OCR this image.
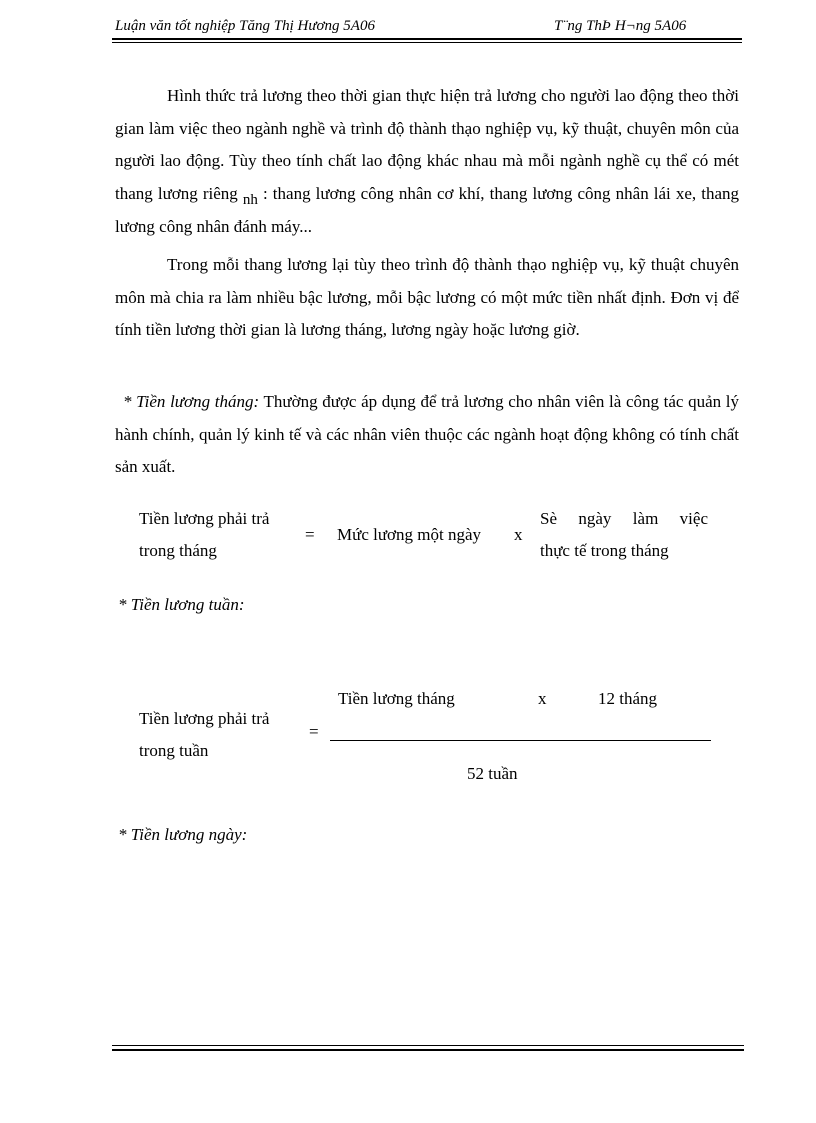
Luận văn tốt nghiệp Tăng Thị Hương 5A06	T¨ng ThÞ H¬ng 5A06
Hình thức trả lương theo thời gian thực hiện trả lương cho người lao động theo thời gian làm việc theo ngành nghề và trình độ thành thạo nghiệp vụ, kỹ thuật, chuyên môn của người lao động. Tùy theo tính chất lao động khác nhau mà mỗi ngành nghề cụ thể có mét thang lương riêng nh : thang lương công nhân cơ khí, thang lương công nhân lái xe, thang lương công nhân đánh máy...
Trong mỗi thang lương lại tùy theo trình độ thành thạo nghiệp vụ, kỹ thuật chuyên môn mà chia ra làm nhiều bậc lương, mỗi bậc lương có một mức tiền nhất định. Đơn vị để tính tiền lương thời gian là lương tháng, lương ngày hoặc lương giờ.
* Tiền lương tháng: Thường được áp dụng để trả lương cho nhân viên là công tác quản lý hành chính, quản lý kinh tế và các nhân viên thuộc các ngành hoạt động không có tính chất sản xuất.
Tiền lương phải trả
trong tháng
= Mức lương một ngày x
Sè ngày làm việc
thực tế trong tháng
* Tiền lương tuần:
Tiền lương tháng	x	12 tháng
Tiền lương phải trả
trong tuần
=
52 tuần
* Tiền lương ngày:
